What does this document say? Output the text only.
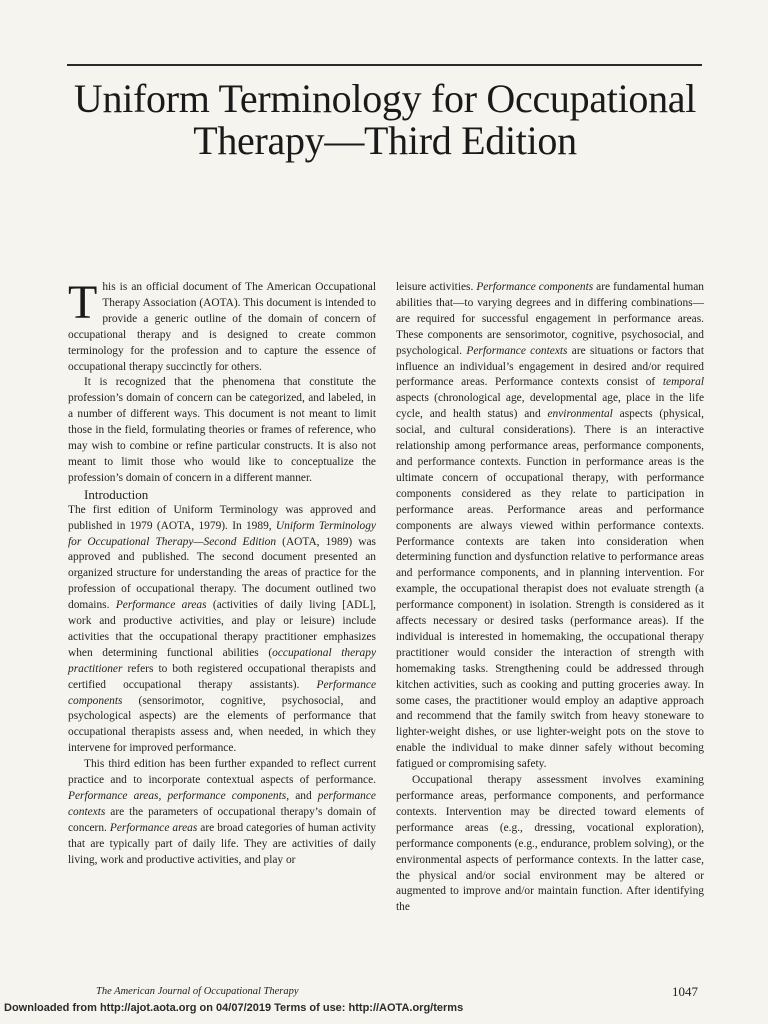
Uniform Terminology for Occupational
Therapy—Third Edition

This is an official document of The American Occupational Therapy Association (AOTA). This document is intended to provide a generic outline of the domain of concern of occupational therapy and is designed to create common terminology for the profession and to capture the essence of occupational therapy succinctly for others.

It is recognized that the phenomena that constitute the profession’s domain of concern can be categorized, and labeled, in a number of different ways. This document is not meant to limit those in the field, formulating theories or frames of reference, who may wish to combine or refine particular constructs. It is also not meant to limit those who would like to conceptualize the profession’s domain of concern in a different manner.

Introduction

The first edition of Uniform Terminology was approved and published in 1979 (AOTA, 1979). In 1989, Uniform Terminology for Occupational Therapy—Second Edition (AOTA, 1989) was approved and published. The second document presented an organized structure for understanding the areas of practice for the profession of occupational therapy. The document outlined two domains. Performance areas (activities of daily living [ADL], work and productive activities, and play or leisure) include activities that the occupational therapy practitioner emphasizes when determining functional abilities (occupational therapy practitioner refers to both registered occupational therapists and certified occupational therapy assistants). Performance components (sensorimotor, cognitive, psychosocial, and psychological aspects) are the elements of performance that occupational therapists assess and, when needed, in which they intervene for improved performance.

This third edition has been further expanded to reflect current practice and to incorporate contextual aspects of performance. Performance areas, performance components, and performance contexts are the parameters of occupational therapy’s domain of concern. Performance areas are broad categories of human activity that are typically part of daily life. They are activities of daily living, work and productive activities, and play or

leisure activities. Performance components are fundamental human abilities that—to varying degrees and in differing combinations—are required for successful engagement in performance areas. These components are sensorimotor, cognitive, psychosocial, and psychological. Performance contexts are situations or factors that influence an individual’s engagement in desired and/or required performance areas. Performance contexts consist of temporal aspects (chronological age, developmental age, place in the life cycle, and health status) and environmental aspects (physical, social, and cultural considerations). There is an interactive relationship among performance areas, performance components, and performance contexts. Function in performance areas is the ultimate concern of occupational therapy, with performance components considered as they relate to participation in performance areas. Performance areas and performance components are always viewed within performance contexts. Performance contexts are taken into consideration when determining function and dysfunction relative to performance areas and performance components, and in planning intervention. For example, the occupational therapist does not evaluate strength (a performance component) in isolation. Strength is considered as it affects necessary or desired tasks (performance areas). If the individual is interested in homemaking, the occupational therapy practitioner would consider the interaction of strength with homemaking tasks. Strengthening could be addressed through kitchen activities, such as cooking and putting groceries away. In some cases, the practitioner would employ an adaptive approach and recommend that the family switch from heavy stoneware to lighter-weight dishes, or use lighter-weight pots on the stove to enable the individual to make dinner safely without becoming fatigued or compromising safety.

Occupational therapy assessment involves examining performance areas, performance components, and performance contexts. Intervention may be directed toward elements of performance areas (e.g., dressing, vocational exploration), performance components (e.g., endurance, problem solving), or the environmental aspects of performance contexts. In the latter case, the physical and/or social environment may be altered or augmented to improve and/or maintain function. After identifying the

The American Journal of Occupational Therapy	1047
Downloaded from http://ajot.aota.org on 04/07/2019 Terms of use: http://AOTA.org/terms
